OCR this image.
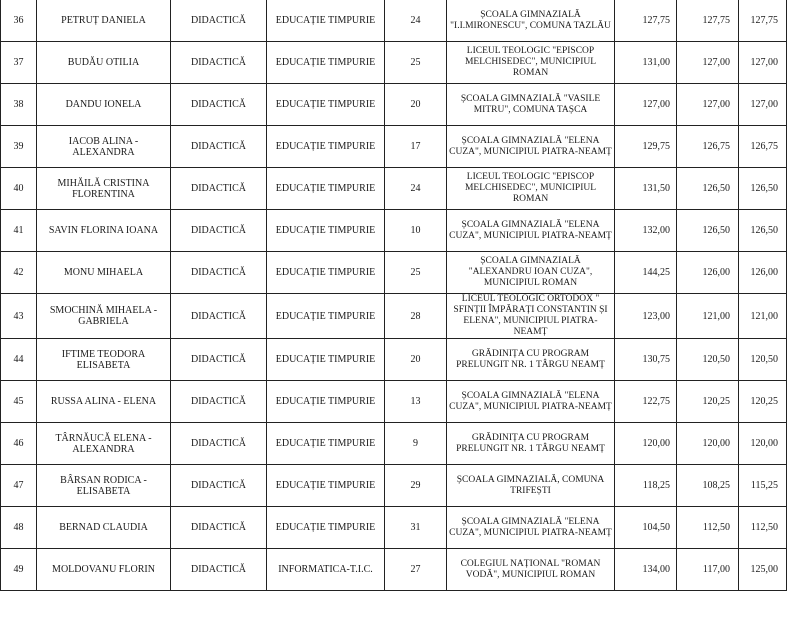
36	PETRUȚ DANIELA	DIDACTICĂ	EDUCAȚIE TIMPURIE	24	ȘCOALA GIMNAZIALĂ "I.I.MIRONESCU", COMUNA TAZLĂU	127,75	127,75	127,75
37	BUDĂU OTILIA	DIDACTICĂ	EDUCAȚIE TIMPURIE	25	LICEUL TEOLOGIC "EPISCOP MELCHISEDEC", MUNICIPIUL ROMAN	131,00	127,00	127,00
38	DANDU IONELA	DIDACTICĂ	EDUCAȚIE TIMPURIE	20	ȘCOALA GIMNAZIALĂ "VASILE MITRU", COMUNA TAȘCA	127,00	127,00	127,00
39	IACOB ALINA - ALEXANDRA	DIDACTICĂ	EDUCAȚIE TIMPURIE	17	ȘCOALA GIMNAZIALĂ "ELENA CUZA", MUNICIPIUL PIATRA-NEAMȚ	129,75	126,75	126,75
40	MIHĂILĂ CRISTINA FLORENTINA	DIDACTICĂ	EDUCAȚIE TIMPURIE	24	LICEUL TEOLOGIC "EPISCOP MELCHISEDEC", MUNICIPIUL ROMAN	131,50	126,50	126,50
41	SAVIN FLORINA IOANA	DIDACTICĂ	EDUCAȚIE TIMPURIE	10	ȘCOALA GIMNAZIALĂ "ELENA CUZA", MUNICIPIUL PIATRA-NEAMȚ	132,00	126,50	126,50
42	MONU MIHAELA	DIDACTICĂ	EDUCAȚIE TIMPURIE	25	ȘCOALA GIMNAZIALĂ "ALEXANDRU IOAN CUZA", MUNICIPIUL ROMAN	144,25	126,00	126,00
43	SMOCHINĂ MIHAELA - GABRIELA	DIDACTICĂ	EDUCAȚIE TIMPURIE	28	LICEUL TEOLOGIC ORTODOX " SFINȚII ÎMPĂRAȚI CONSTANTIN ȘI ELENA", MUNICIPIUL PIATRA-NEAMȚ	123,00	121,00	121,00
44	IFTIME TEODORA ELISABETA	DIDACTICĂ	EDUCAȚIE TIMPURIE	20	GRĂDINIȚA CU PROGRAM PRELUNGIT NR. 1 TÂRGU NEAMȚ	130,75	120,50	120,50
45	RUSSA ALINA - ELENA	DIDACTICĂ	EDUCAȚIE TIMPURIE	13	ȘCOALA GIMNAZIALĂ "ELENA CUZA", MUNICIPIUL PIATRA-NEAMȚ	122,75	120,25	120,25
46	TÂRNĂUCĂ ELENA - ALEXANDRA	DIDACTICĂ	EDUCAȚIE TIMPURIE	9	GRĂDINIȚA CU PROGRAM PRELUNGIT NR. 1 TÂRGU NEAMȚ	120,00	120,00	120,00
47	BÂRSAN RODICA - ELISABETA	DIDACTICĂ	EDUCAȚIE TIMPURIE	29	ȘCOALA GIMNAZIALĂ, COMUNA TRIFEȘTI	118,25	108,25	115,25
48	BERNAD CLAUDIA	DIDACTICĂ	EDUCAȚIE TIMPURIE	31	ȘCOALA GIMNAZIALĂ "ELENA CUZA", MUNICIPIUL PIATRA-NEAMȚ	104,50	112,50	112,50
49	MOLDOVANU FLORIN	DIDACTICĂ	INFORMATICA-T.I.C.	27	COLEGIUL NAȚIONAL "ROMAN VODĂ", MUNICIPIUL ROMAN	134,00	117,00	125,00
